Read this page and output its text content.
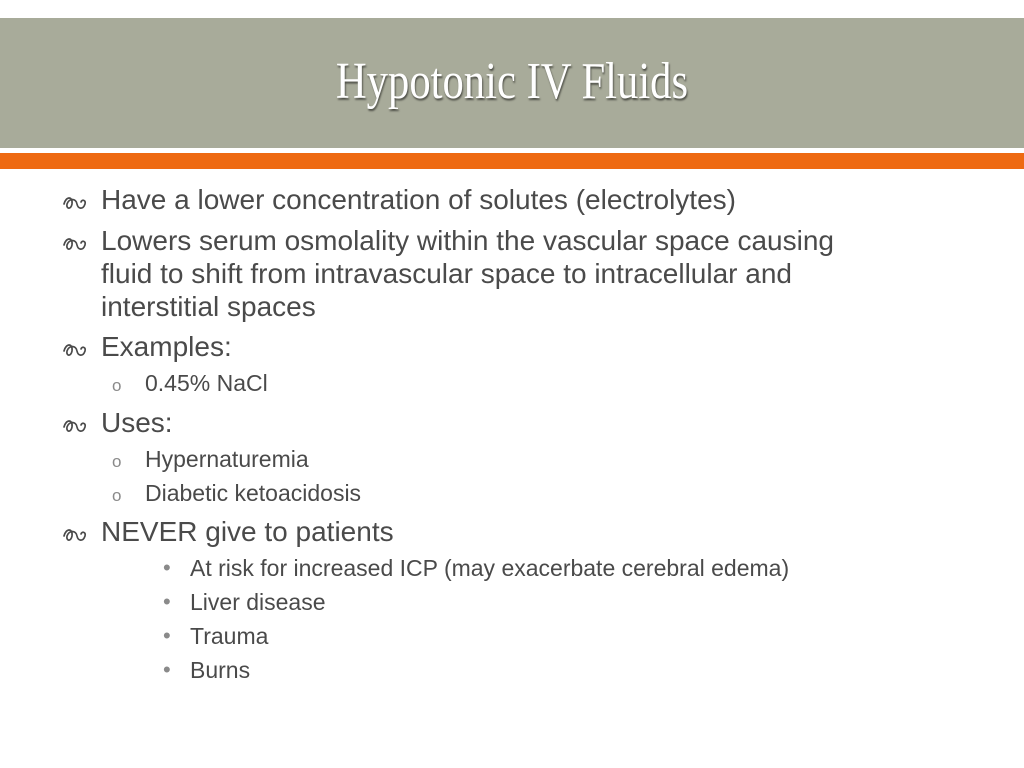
Hypotonic IV Fluids
Have a lower concentration of solutes (electrolytes)
Lowers serum osmolality within the vascular space causing
fluid to shift from intravascular space to intracellular and
interstitial spaces
Examples:
o 0.45% NaCl
Uses:
o Hypernaturemia
o Diabetic ketoacidosis
NEVER give to patients
• At risk for increased ICP (may exacerbate cerebral edema)
• Liver disease
• Trauma
• Burns
